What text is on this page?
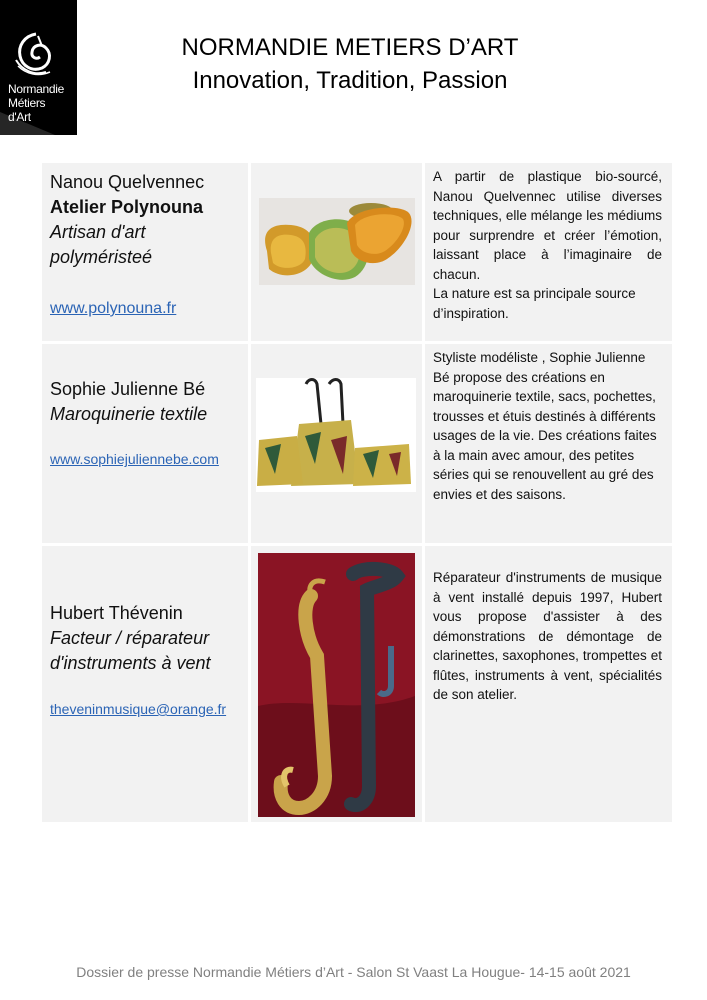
Normandie
Métiers
d'Art
NORMANDIE METIERS D’ART
Innovation, Tradition, Passion
Nanou Quelvennec
Atelier Polynouna
Artisan d'art
polyméristeé
www.polynouna.fr

A partir de plastique bio-sourcé, Nanou Quelvennec utilise diverses techniques, elle mélange les médiums pour surprendre et créer l’émotion, laissant place à l’imaginaire de chacun.

La nature est sa principale source d’inspiration.

Sophie Julienne Bé
Maroquinerie textile
www.sophiejuliennebe.com

Styliste modéliste , Sophie Julienne Bé propose des créations en maroquinerie textile, sacs, pochettes, trousses et étuis destinés à différents usages de la vie. Des créations faites à la main avec amour, des petites séries qui se renouvellent au gré des envies et des saisons.

Hubert Thévenin
Facteur / réparateur
d'instruments à vent
theveninmusique@orange.fr

Réparateur d'instruments de musique à vent installé depuis 1997, Hubert vous propose d'assister à des démonstrations de démontage de clarinettes, saxophones, trompettes et flûtes, instruments à vent, spécialités de son atelier.

Dossier de presse Normandie Métiers d’Art - Salon St Vaast La Hougue- 14-15 août 2021
